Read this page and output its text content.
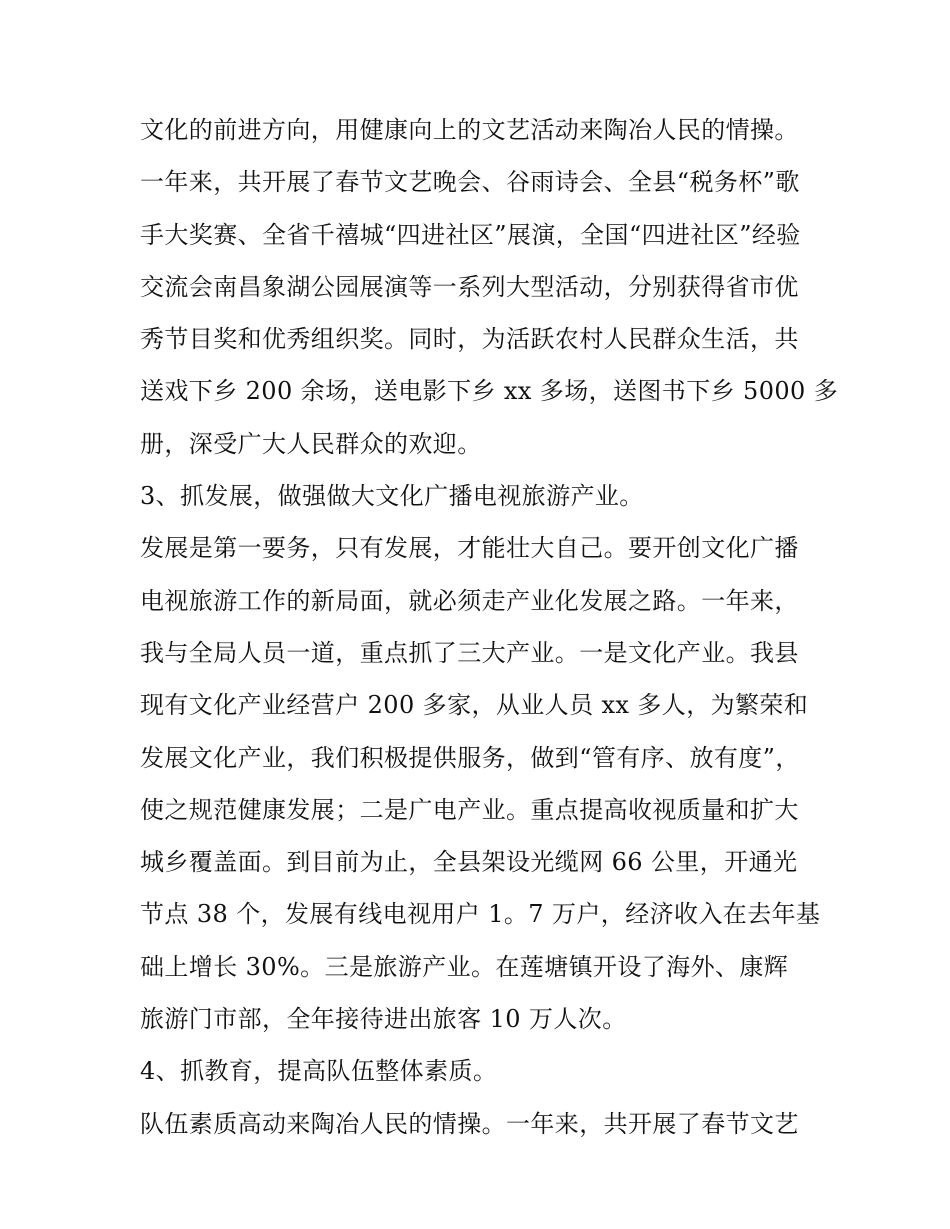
文化的前进方向，用健康向上的文艺活动来陶冶人民的情操。
一年来，共开展了春节文艺晚会、谷雨诗会、全县“税务杯”歌
手大奖赛、全省千禧城“四进社区”展演，全国“四进社区”经验
交流会南昌象湖公园展演等一系列大型活动，分别获得省市优
秀节目奖和优秀组织奖。同时，为活跃农村人民群众生活，共
送戏下乡 200 余场，送电影下乡 xx 多场，送图书下乡 5000 多
册，深受广大人民群众的欢迎。
3、抓发展，做强做大文化广播电视旅游产业。
发展是第一要务，只有发展，才能壮大自己。要开创文化广播
电视旅游工作的新局面，就必须走产业化发展之路。一年来，
我与全局人员一道，重点抓了三大产业。一是文化产业。我县
现有文化产业经营户 200 多家，从业人员 xx 多人，为繁荣和
发展文化产业，我们积极提供服务，做到“管有序、放有度”，
使之规范健康发展；二是广电产业。重点提高收视质量和扩大
城乡覆盖面。到目前为止，全县架设光缆网 66 公里，开通光
节点 38 个，发展有线电视用户 1。7 万户，经济收入在去年基
础上增长 30%。三是旅游产业。在莲塘镇开设了海外、康辉
旅游门市部，全年接待进出旅客 10 万人次。
4、抓教育，提高队伍整体素质。
队伍素质高动来陶冶人民的情操。一年来，共开展了春节文艺
